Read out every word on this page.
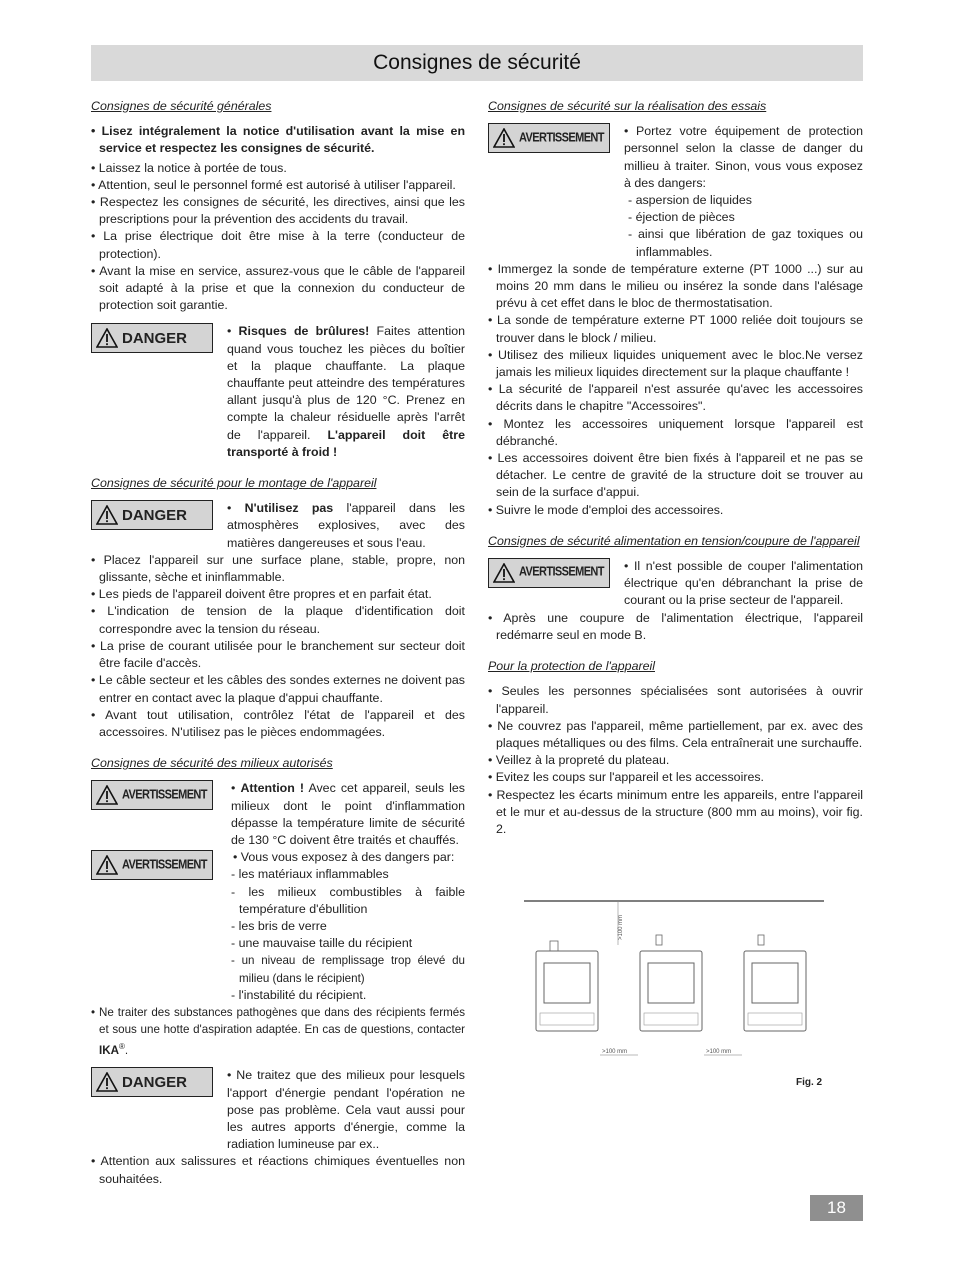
Consignes de sécurité

Consignes de sécurité générales

• Lisez intégralement la notice d'utilisation avant la mise en service et respectez les consignes de sécurité.

• Laissez la notice à portée de tous.

• Attention, seul le personnel formé est autorisé à utiliser l'appareil.

• Respectez les consignes de sécurité, les directives, ainsi que les prescriptions pour la prévention des accidents du travail.

• La prise électrique doit être mise à la terre (conducteur de protection).

• Avant la mise en service, assurez-vous que le câble de l'appareil soit adapté à la prise et que la connexion du conducteur de protection soit garantie.

DANGER	• Risques de brûlures! Faites attention quand vous touchez les pièces du boîtier et la plaque chauffante. La plaque chauffante peut atteindre des températures allant jusqu'à plus de 120 °C. Prenez en compte la chaleur résiduelle après l'arrêt de l'appareil. L'appareil doit être transporté à froid !

Consignes de sécurité pour le montage de l'appareil

DANGER	• N'utilisez pas l'appareil dans les atmosphères explosives, avec des matières dangereuses et sous l'eau.

• Placez l'appareil sur une surface plane, stable, propre, non glissante, sèche et ininflammable.

• Les pieds de l'appareil doivent être propres et en parfait état.

• L'indication de tension de la plaque d'identification doit correspondre avec la tension du réseau.

• La prise de courant utilisée pour le branchement sur secteur doit être facile d'accès.

• Le câble secteur et les câbles des sondes externes ne doivent pas entrer en contact avec la plaque d'appui chauffante.

• Avant tout utilisation, contrôlez l'état de l'appareil et des accessoires. N'utilisez pas le pièces endommagées.

Consignes de sécurité des milieux autorisés

AVERTISSEMENT • Attention ! Avec cet appareil, seuls les milieux dont le point d'inflammation dépasse la température limite de sécurité de 130 °C doivent être traités et chauffés.

AVERTISSEMENT

• Vous vous exposez à des dangers par:

- les matériaux inflammables

- les milieux combustibles à faible température d'ébullition

- les bris de verre

- une mauvaise taille du récipient

- un niveau de remplissage trop élevé du milieu (dans le récipient)

- l'instabilité du récipient.

• Ne traiter des substances pathogènes que dans des récipients fermés et sous une hotte d'aspiration adaptée. En cas de questions, contacter IKA®.

DANGER	• Ne traitez que des milieux pour lesquels l'apport d'énergie pendant l'opération ne pose pas problème. Cela vaut aussi pour les autres apports d'énergie, comme la radiation lumineuse par ex..

• Attention aux salissures et réactions chimiques éventuelles non souhaitées.

Consignes de sécurité sur la réalisation des essais

AVERTISSEMENT • Portez votre équipement de protection personnel selon la classe de danger du millieu à traiter. Sinon, vous vous exposez à des dangers:

- aspersion de liquides

- éjection de pièces

- ainsi que libération de gaz toxiques ou inflammables.

• Immergez la sonde de température externe (PT 1000 ...) sur au moins 20 mm dans le milieu ou insérez la sonde dans l'alésage prévu à cet effet dans le bloc de thermostatisation.

• La sonde de température externe PT 1000 reliée doit toujours se trouver dans le block / milieu.

• Utilisez des milieux liquides uniquement avec le bloc.Ne versez jamais les milieux liquides directement sur la plaque chauffante !

• La sécurité de l'appareil n'est assurée qu'avec les accessoires décrits dans le chapitre "Accessoires".

• Montez les accessoires uniquement lorsque l'appareil est débranché.

• Les accessoires doivent être bien fixés à l'appareil et ne pas se détacher. Le centre de gravité de la structure doit se trouver au sein de la surface d'appui.

• Suivre le mode d'emploi des accessoires.

Consignes de sécurité alimentation en tension/coupure de l'appareil

AVERTISSEMENT • Il n'est possible de couper l'alimentation électrique qu'en débranchant la prise de courant ou la prise secteur de l'appareil.

• Après une coupure de l'alimentation électrique, l'appareil redémarre seul en mode B.

Pour la protection de l'appareil

• Seules les personnes spécialisées sont autorisées à ouvrir l'appareil.

• Ne couvrez pas l'appareil, même partiellement, par ex. avec des plaques métalliques ou des films. Cela entraînerait une surchauffe.

• Veillez à la propreté du plateau.

• Evitez les coups sur l'appareil et les accessoires.

• Respectez les écarts minimum entre les appareils, entre l'appareil et le mur et au-dessus de la structure (800 mm au moins), voir fig. 2.

>100 mm
>100 mm	>100 mm
Fig. 2
18
